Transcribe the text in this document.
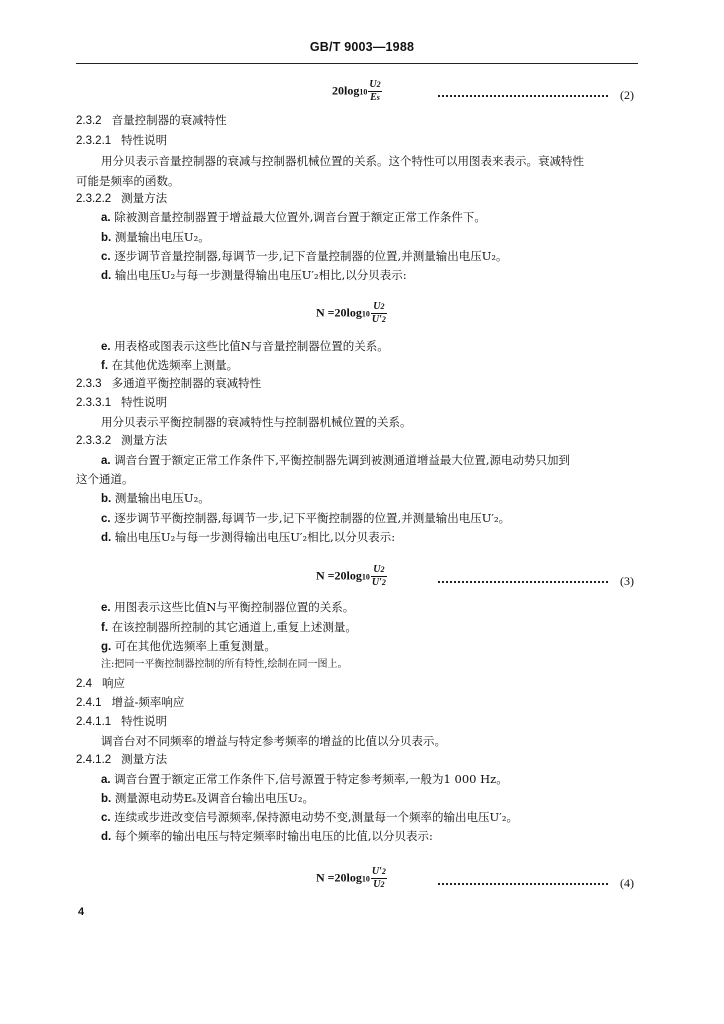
GB/T 9003—1988
$20\log 10 \frac{U2}{Es}$	(2)
2.3.2 音量控制器的衰减特性
2.3.2.1 特性说明
用分贝表示音量控制器的衰减与控制器机械位置的关系。这个特性可以用图表来表示。衰减特性
可能是频率的函数。
2.3.2.2 测量方法
a. 除被测音量控制器置于增益最大位置外,调音台置于额定正常工作条件下。
b. 测量输出电压U₂。
c. 逐步调节音量控制器,每调节一步,记下音量控制器的位置,并测量输出电压U₂。
d. 输出电压U₂与每一步测量得输出电压U′₂相比,以分贝表示:
$N =20\log 10 \frac{U2}{U'2}$
e. 用表格或图表示这些比值N与音量控制器位置的关系。
f. 在其他优选频率上测量。
2.3.3 多通道平衡控制器的衰减特性
2.3.3.1 特性说明
用分贝表示平衡控制器的衰减特性与控制器机械位置的关系。
2.3.3.2 测量方法
a. 调音台置于额定正常工作条件下,平衡控制器先调到被测通道增益最大位置,源电动势只加到
这个通道。
b. 测量输出电压U₂。
c. 逐步调节平衡控制器,每调节一步,记下平衡控制器的位置,并测量输出电压U′₂。
d. 输出电压U₂与每一步测得输出电压U′₂相比,以分贝表示:
$N =20\log 10 \frac{U2}{U'2}$	(3)
e. 用图表示这些比值N与平衡控制器位置的关系。
f. 在该控制器所控制的其它通道上,重复上述测量。
g. 可在其他优选频率上重复测量。
注:把同一平衡控制器控制的所有特性,绘制在同一图上。
2.4 响应
2.4.1 增益-频率响应
2.4.1.1 特性说明
调音台对不同频率的增益与特定参考频率的增益的比值以分贝表示。
2.4.1.2 测量方法
a. 调音台置于额定正常工作条件下,信号源置于特定参考频率,一般为1 000 Hz。
b. 测量源电动势Eₛ及调音台输出电压U₂。
c. 连续或步进改变信号源频率,保持源电动势不变,测量每一个频率的输出电压U′₂。
d. 每个频率的输出电压与特定频率时输出电压的比值,以分贝表示:
$N =20\log 10 \frac{U'2}{U2}$	(4)
4
